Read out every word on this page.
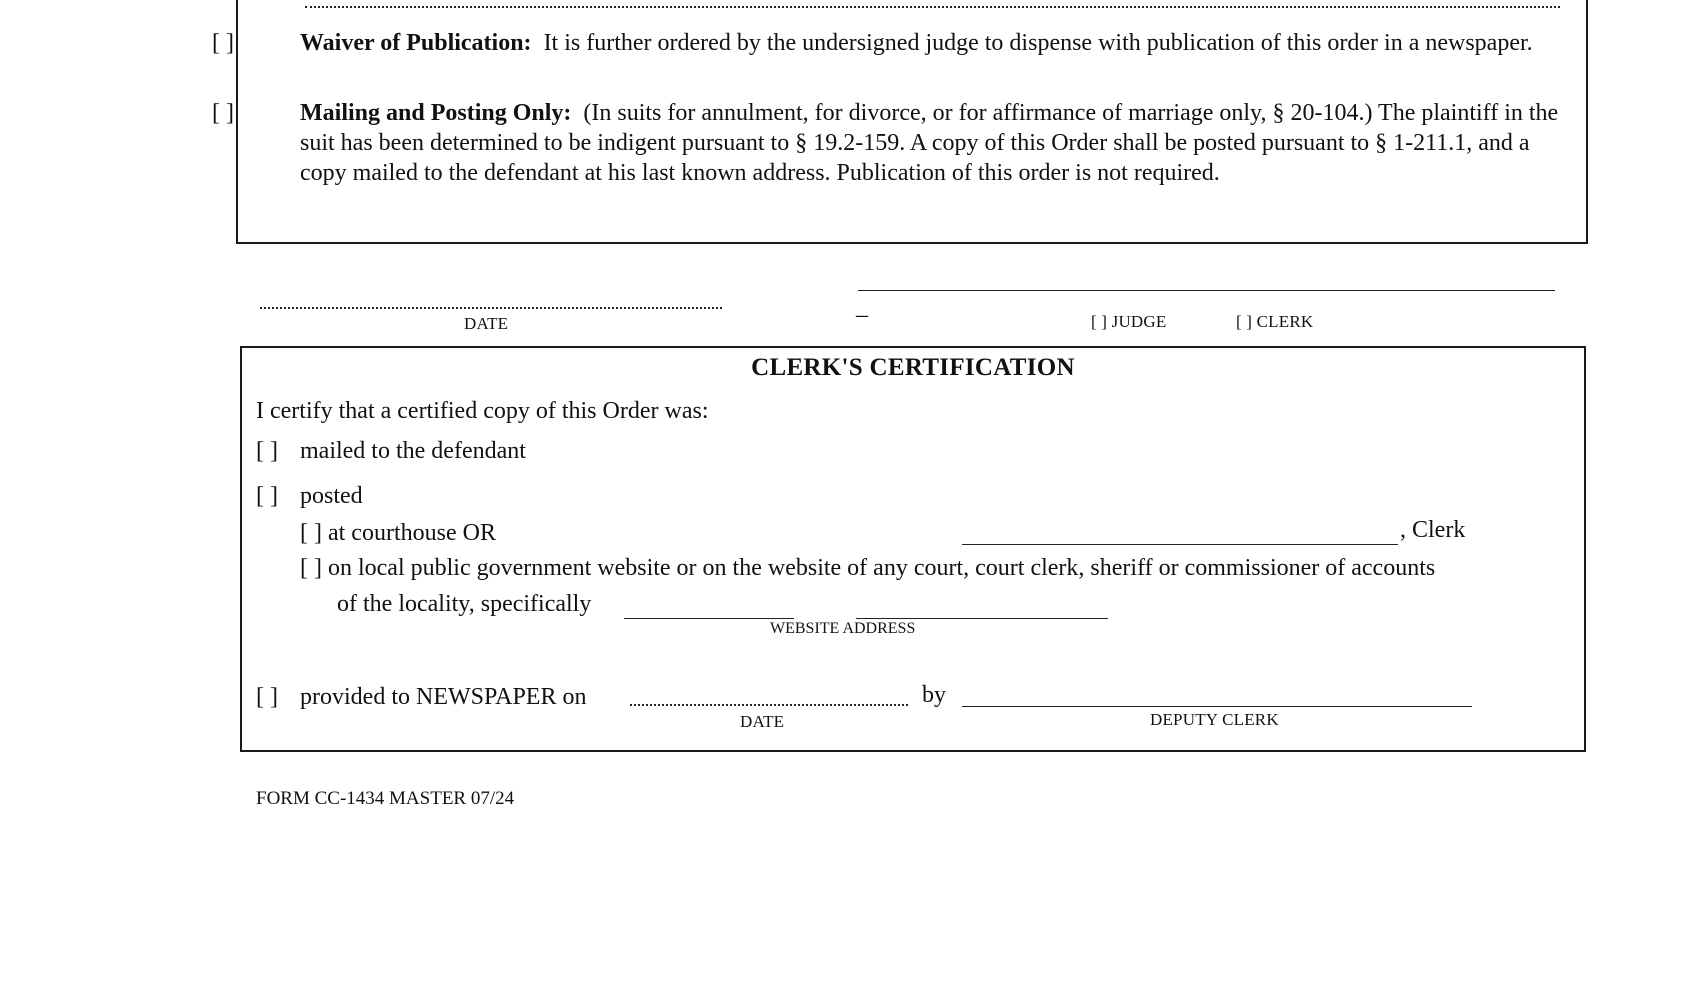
[ ]	Waiver of Publication: It is further ordered by the undersigned judge to dispense with publication of this order in a newspaper.
[ ]	Mailing and Posting Only: (In suits for annulment, for divorce, or for affirmance of marriage only, § 20-104.) The plaintiff in the suit has been determined to be indigent pursuant to § 19.2-159. A copy of this Order shall be posted pursuant to § 1-211.1, and a copy mailed to the defendant at his last known address. Publication of this order is not required.
DATE	–	[ ] JUDGE	[ ] CLERK
CLERK'S CERTIFICATION
I certify that a certified copy of this Order was:
[ ] mailed to the defendant
[ ] posted
[ ] at courthouse OR	, Clerk
[ ] on local public government website or on the website of any court, court clerk, sheriff or commissioner of accounts
of the locality, specifically
WEBSITE ADDRESS
[ ] provided to NEWSPAPER on	by
DATE	DEPUTY CLERK
FORM CC-1434 MASTER 07/24
